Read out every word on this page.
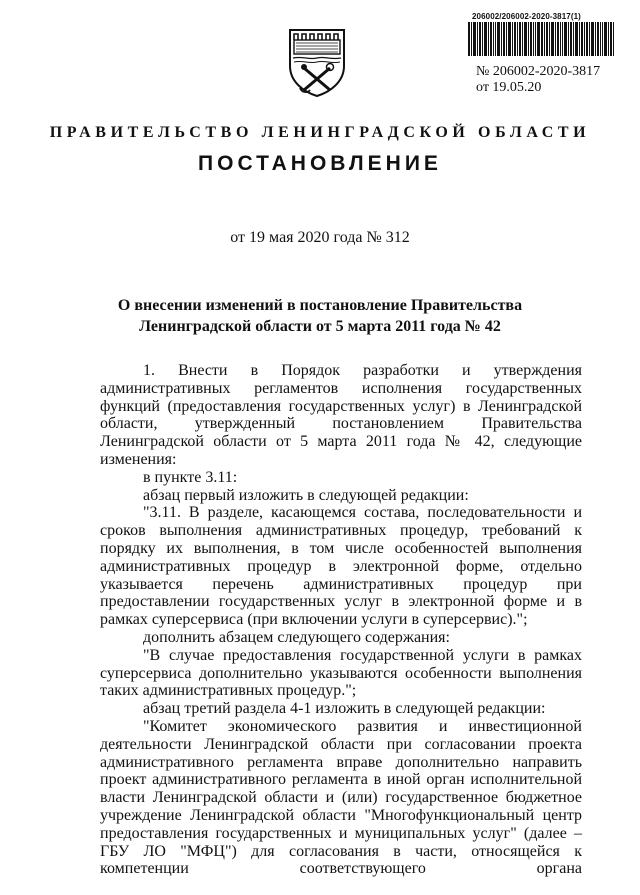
206002/206002-2020-3817(1)
№ 206002-2020-3817
от 19.05.20
ПРАВИТЕЛЬСТВО ЛЕНИНГРАДСКОЙ ОБЛАСТИ
ПОСТАНОВЛЕНИЕ
от 19 мая 2020 года № 312
О внесении изменений в постановление Правительства
Ленинградской области от 5 марта 2011 года № 42

1. Внести в Порядок разработки и утверждения административных регламентов исполнения государственных функций (предоставления государственных услуг) в Ленинградской области, утвержденный постановлением Правительства Ленинградской области от 5 марта 2011 года № 42, следующие изменения:

в пункте 3.11:

абзац первый изложить в следующей редакции:

"3.11. В разделе, касающемся состава, последовательности и сроков выполнения административных процедур, требований к порядку их выполнения, в том числе особенностей выполнения административных процедур в электронной форме, отдельно указывается перечень административных процедур при предоставлении государственных услуг в электронной форме и в рамках суперсервиса (при включении услуги в суперсервис).";

дополнить абзацем следующего содержания:

"В случае предоставления государственной услуги в рамках суперсервиса дополнительно указываются особенности выполнения таких административных процедур.";

абзац третий раздела 4-1 изложить в следующей редакции:

"Комитет экономического развития и инвестиционной деятельности Ленинградской области при согласовании проекта административного регламента вправе дополнительно направить проект административного регламента в иной орган исполнительной власти Ленинградской области и (или) государственное бюджетное учреждение Ленинградской области "Многофункциональный центр предоставления государственных и муниципальных услуг" (далее – ГБУ ЛО "МФЦ") для согласования в части, относящейся к компетенции соответствующего органа
